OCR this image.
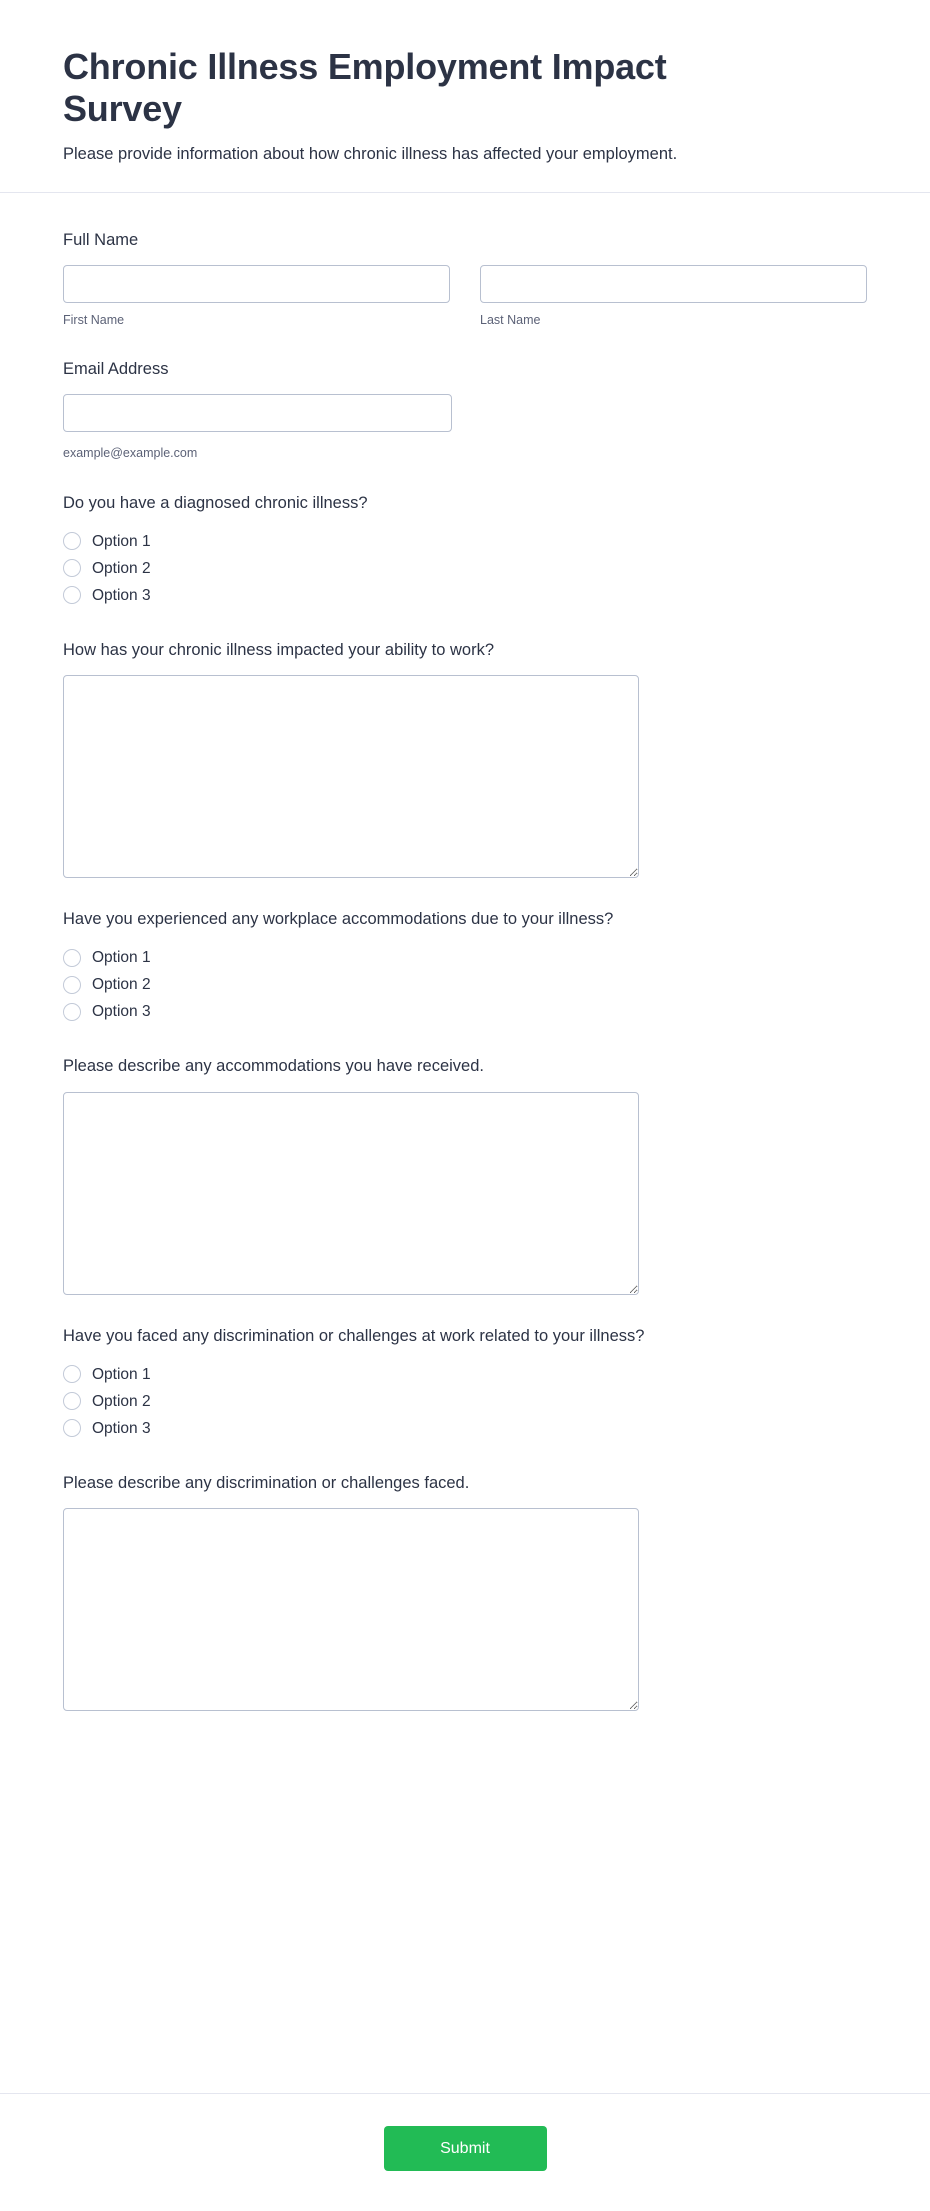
Chronic Illness Employment Impact Survey

Please provide information about how chronic illness has affected your employment.

Full Name
First Name	Last Name
Email Address
example@example.com
Do you have a diagnosed chronic illness?
Option 1
Option 2
Option 3
How has your chronic illness impacted your ability to work?
Have you experienced any workplace accommodations due to your illness?
Option 1
Option 2
Option 3
Please describe any accommodations you have received.
Have you faced any discrimination or challenges at work related to your illness?
Option 1
Option 2
Option 3
Please describe any discrimination or challenges faced.
Submit
